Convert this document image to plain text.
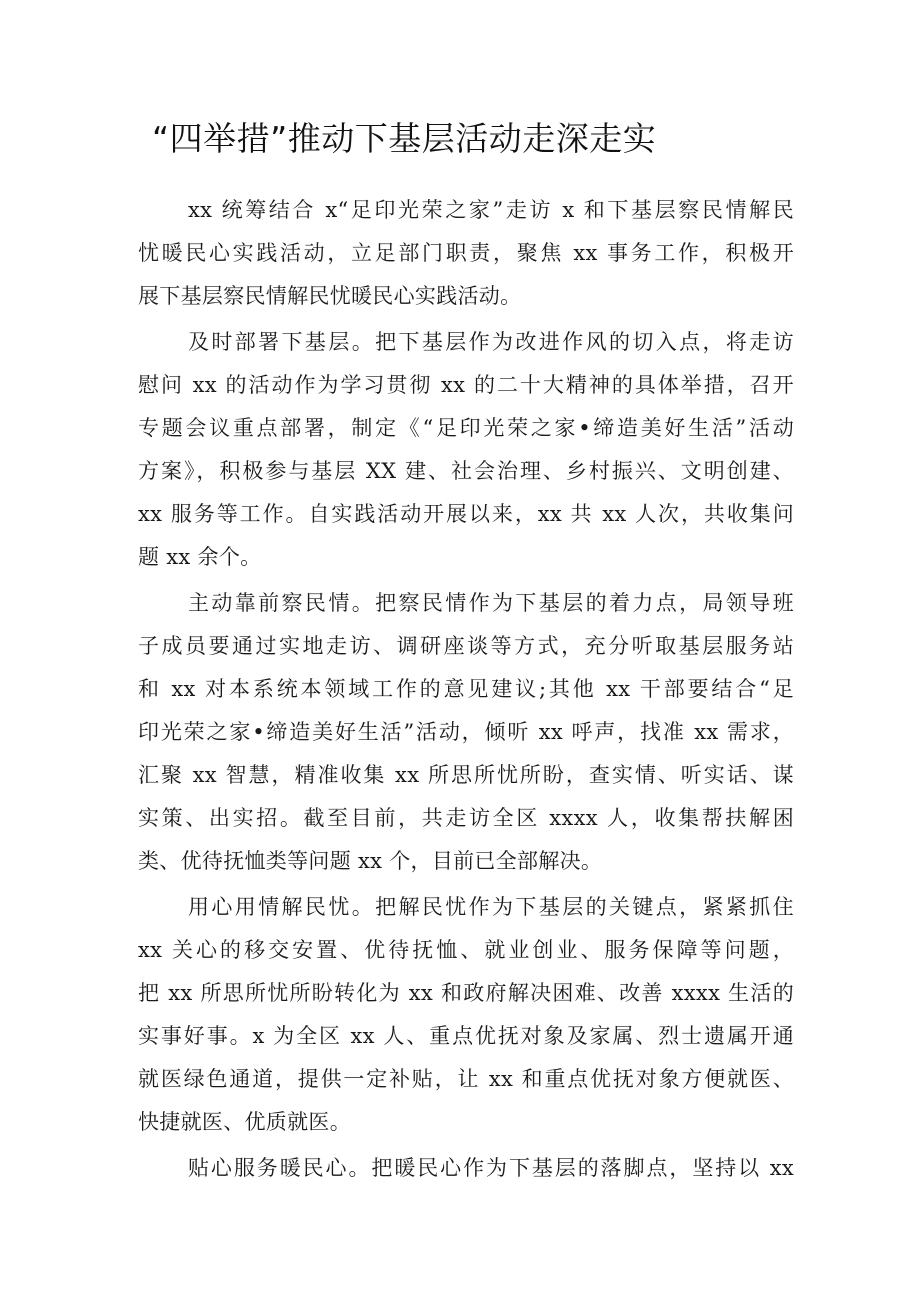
“四举措”推动下基层活动走深走实

xx 统筹结合 x“足印光荣之家”走访 x 和下基层察民情解民
忧暖民心实践活动，立足部门职责，聚焦 xx 事务工作，积极开
展下基层察民情解民忧暖民心实践活动。

及时部署下基层。把下基层作为改进作风的切入点，将走访
慰问 xx 的活动作为学习贯彻 xx 的二十大精神的具体举措，召开
专题会议重点部署，制定《“足印光荣之家•缔造美好生活”活动
方案》，积极参与基层 XX 建、社会治理、乡村振兴、文明创建、
xx 服务等工作。自实践活动开展以来，xx 共 xx 人次，共收集问
题 xx 余个。

主动靠前察民情。把察民情作为下基层的着力点，局领导班
子成员要通过实地走访、调研座谈等方式，充分听取基层服务站
和 xx 对本系统本领域工作的意见建议;其他 xx 干部要结合“足
印光荣之家•缔造美好生活”活动，倾听 xx 呼声，找准 xx 需求，
汇聚 xx 智慧，精准收集 xx 所思所忧所盼，查实情、听实话、谋
实策、出实招。截至目前，共走访全区 xxxx 人，收集帮扶解困
类、优待抚恤类等问题 xx 个，目前已全部解决。

用心用情解民忧。把解民忧作为下基层的关键点，紧紧抓住
xx 关心的移交安置、优待抚恤、就业创业、服务保障等问题，
把 xx 所思所忧所盼转化为 xx 和政府解决困难、改善 xxxx 生活的
实事好事。x 为全区 xx 人、重点优抚对象及家属、烈士遗属开通
就医绿色通道，提供一定补贴，让 xx 和重点优抚对象方便就医、
快捷就医、优质就医。

贴心服务暖民心。把暖民心作为下基层的落脚点，坚持以 xx
